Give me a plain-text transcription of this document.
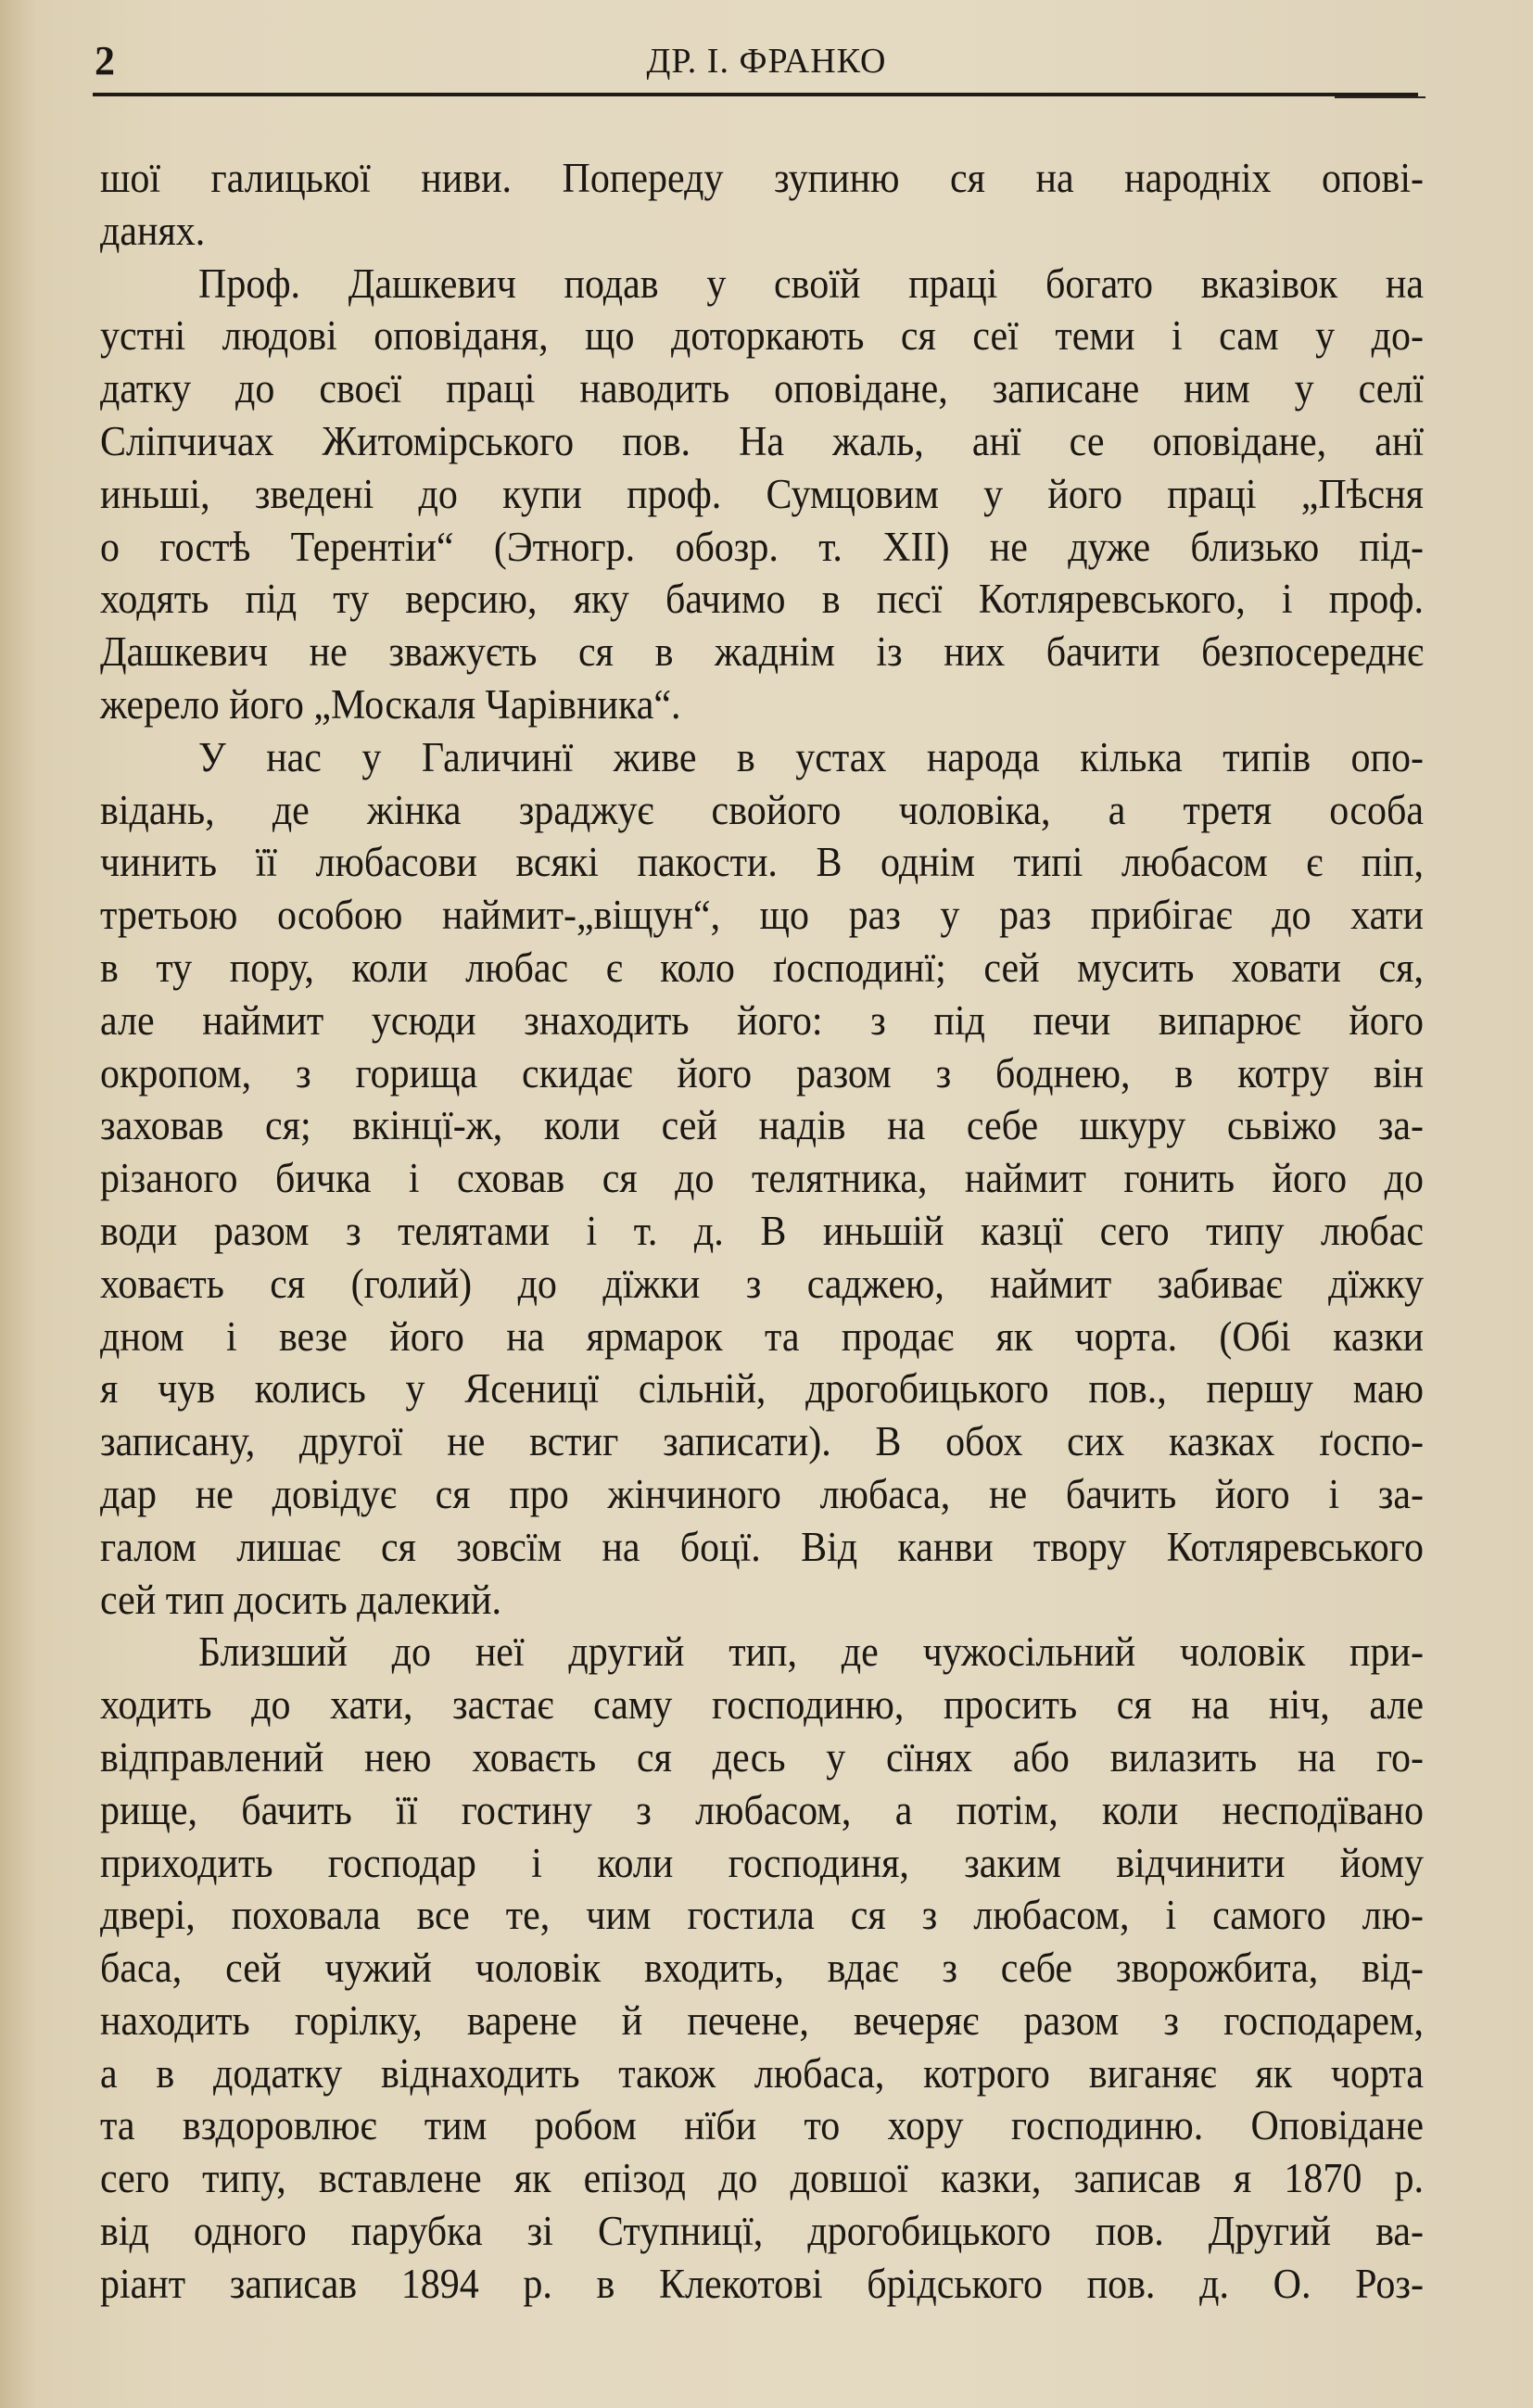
2	ДР. І. ФРАНКО
шої галицької ниви. Попереду зупиню ся на народніх опові-
данях.
Проф. Дашкевич подав у своїй праці богато вказівок на
устні людові оповіданя, що доторкають ся сеї теми і сам у до-
датку до своєї праці наводить оповідане, записане ним у селї
Сліпчичах Житомірського пов. На жаль, анї се оповідане, анї
иньші, зведені до купи проф. Сумцовим у його праці „Пѣсня
о гостѣ Терентіи“ (Этногр. обозр. т. XII) не дуже близько під-
ходять під ту версию, яку бачимо в пєсї Котляревського, і проф.
Дашкевич не зважуєть ся в жаднім із них бачити безпосереднє
жерело його „Москаля Чарівника“.
У нас у Галичинї живе в устах народа кілька типів опо-
відань, де жінка зраджує свойого чоловіка, а третя особа
чинить її любасови всякі пакости. В однім типі любасом є піп,
третьою особою наймит-„віщун“, що раз у раз прибігає до хати
в ту пору, коли любас є коло ґосподинї; сей мусить ховати ся,
але наймит усюди знаходить його: з під печи випарює його
окропом, з горища скидає його разом з боднею, в котру він
заховав ся; вкінцї-ж, коли сей надів на себе шкуру сьвіжо за-
різаного бичка і сховав ся до телятника, наймит гонить його до
води разом з телятами і т. д. В иньшій казцї сего типу любас
ховаєть ся (голий) до дїжки з саджею, наймит забиває дїжку
дном і везе його на ярмарок та продає як чорта. (Обі казки
я чув колись у Ясеницї сільній, дрогобицького пов., першу маю
записану, другої не встиг записати). В обох сих казках ґоспо-
дар не довідує ся про жінчиного любаса, не бачить його і за-
галом лишає ся зовсїм на боцї. Від канви твору Котляревського
сей тип досить далекий.
Близший до неї другий тип, де чужосільний чоловік при-
ходить до хати, застає саму господиню, просить ся на ніч, але
відправлений нею ховаєть ся десь у сїнях або вилазить на го-
рище, бачить її гостину з любасом, а потім, коли несподївано
приходить господар і коли господиня, заким відчинити йому
двері, поховала все те, чим гостила ся з любасом, і самого лю-
баса, сей чужий чоловік входить, вдає з себе зворожбита, від-
находить горілку, варене й печене, вечеряє разом з господарем,
а в додатку віднаходить також любаса, котрого виганяє як чорта
та вздоровлює тим робом нїби то хору господиню. Оповідане
сего типу, вставлене як епізод до довшої казки, записав я 1870 р.
від одного парубка зі Ступницї, дрогобицького пов. Другий ва-
ріант записав 1894 р. в Клекотові брідського пов. д. О. Роз-
